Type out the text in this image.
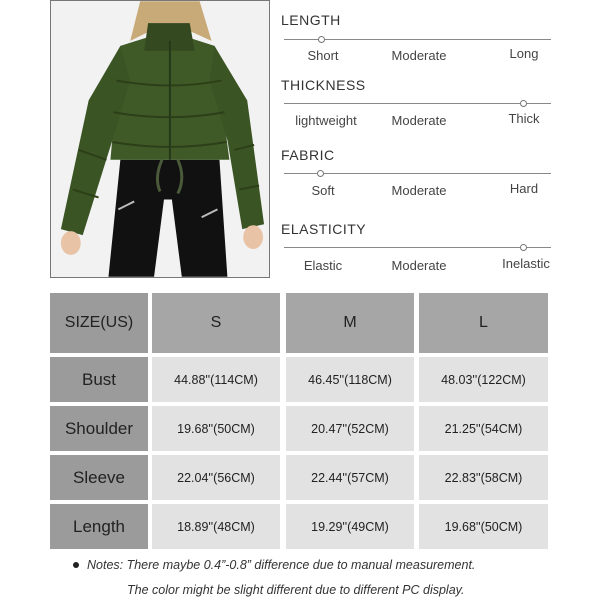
LENGTH
Short	Moderate	Long
THICKNESS
lightweight	Moderate	Thick
FABRIC
Soft	Moderate	Hard
ELASTICITY
Elastic	Moderate	Inelastic
SIZE(US)	S	M	L
Bust	44.88''(114CM)	46.45''(118CM)	48.03''(122CM)
Shoulder	19.68''(50CM)	20.47''(52CM)	21.25''(54CM)
Sleeve	22.04''(56CM)	22.44''(57CM)	22.83''(58CM)
Length	18.89''(48CM)	19.29''(49CM)	19.68''(50CM)
Notes: There maybe 0.4”-0.8” difference due to manual measurement.
The color might be slight different due to different PC display.
